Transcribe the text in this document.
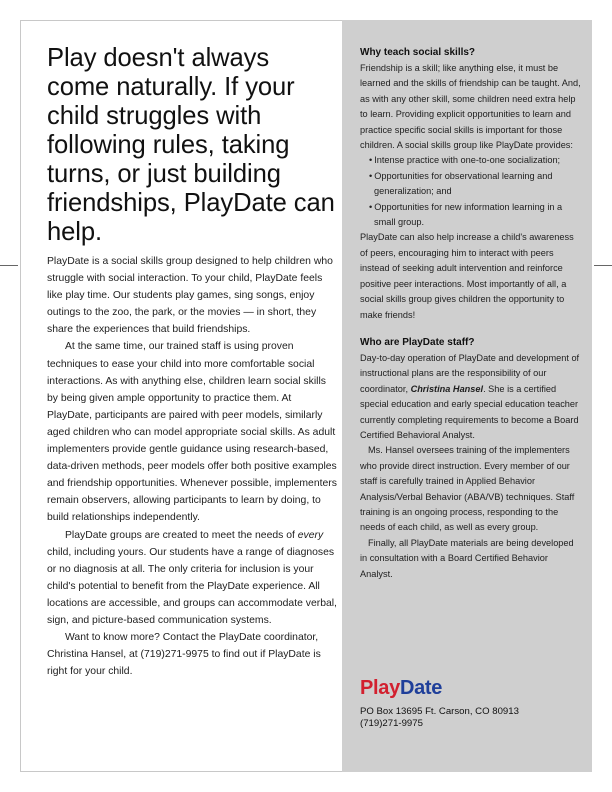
Play doesn't always come naturally. If your child struggles with following rules, taking turns, or just building friendships, PlayDate can help.

PlayDate is a social skills group designed to help children who struggle with social interaction. To your child, PlayDate feels like play time. Our students play games, sing songs, enjoy outings to the zoo, the park, or the movies — in short, they share the experiences that build friendships.

At the same time, our trained staff is using proven techniques to ease your child into more comfortable social interactions. As with anything else, children learn social skills by being given ample opportunity to practice them. At PlayDate, participants are paired with peer models, similarly aged children who can model appropriate social skills. As adult implementers provide gentle guidance using research-based, data-driven methods, peer models offer both positive examples and friendship opportunities. Whenever possible, implementers remain observers, allowing participants to learn by doing, to build relationships independently.

PlayDate groups are created to meet the needs of every child, including yours. Our students have a range of diagnoses or no diagnosis at all. The only criteria for inclusion is your child's potential to benefit from the PlayDate experience. All locations are accessible, and groups can accommodate verbal, sign, and picture-based communication systems.

Want to know more? Contact the PlayDate coordinator, Christina Hansel, at (719)271-9975 to find out if PlayDate is right for your child.

Why teach social skills?

Friendship is a skill; like anything else, it must be learned and the skills of friendship can be taught. And, as with any other skill, some children need extra help to learn. Providing explicit opportunities to learn and practice specific social skills is important for those children. A social skills group like PlayDate provides:

• Intense practice with one-to-one socialization;
• Opportunities for observational learning and generalization; and
• Opportunities for new information learning in a small group.

PlayDate can also help increase a child's awareness of peers, encouraging him to interact with peers instead of seeking adult intervention and reinforce positive peer interactions. Most importantly of all, a social skills group gives children the opportunity to make friends!

Who are PlayDate staff?

Day-to-day operation of PlayDate and development of instructional plans are the responsibility of our coordinator, Christina Hansel. She is a certified special education and early special education teacher currently completing requirements to become a Board Certified Behavioral Analyst.

Ms. Hansel oversees training of the implementers who provide direct instruction. Every member of our staff is carefully trained in Applied Behavior Analysis/Verbal Behavior (ABA/VB) techniques. Staff training is an ongoing process, responding to the needs of each child, as well as every group.

Finally, all PlayDate materials are being developed in consultation with a Board Certified Behavior Analyst.

PlayDate
PO Box 13695 Ft. Carson, CO 80913
(719)271-9975
